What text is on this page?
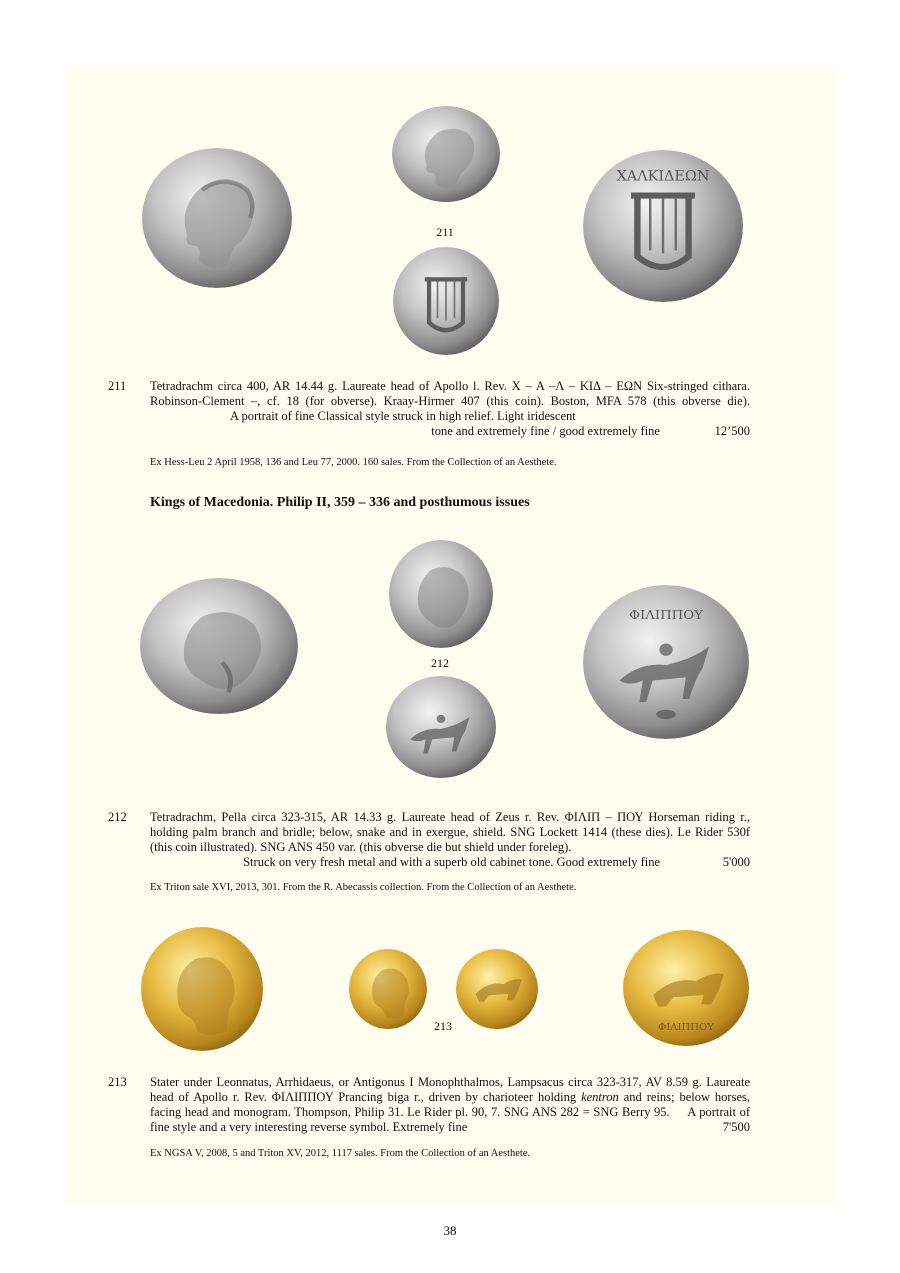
211
ΧΑΛΚΙΔΕΩΝ
211	Tetradrachm circa 400, AR 14.44 g. Laureate head of Apollo l. Rev. Χ – Α –Λ – ΚΙΔ – ΕΩΝ Six-stringed cithara. Robinson-Clement –, cf. 18 (for obverse). Kraay-Hirmer 407 (this coin). Boston, MFA 578 (this obverse die). A portrait of fine Classical style struck in high relief. Light iridescent
tone and extremely fine / good extremely fine	12’500
Ex Hess-Leu 2 April 1958, 136 and Leu 77, 2000. 160 sales. From the Collection of an Aesthete.
Kings of Macedonia. Philip II, 359 – 336 and posthumous issues
212
ΦΙΛΙΠΠΟΥ
212	Tetradrachm, Pella circa 323-315, AR 14.33 g. Laureate head of Zeus r. Rev. ΦΙΛΙΠ – ΠΟΥ Horseman riding r., holding palm branch and bridle; below, snake and in exergue, shield. SNG Lockett 1414 (these dies). Le Rider 530f (this coin illustrated). SNG ANS 450 var. (this obverse die but shield under foreleg).

Struck on very fresh metal and with a superb old cabinet tone. Good extremely fine	5'000
Ex Triton sale XVI, 2013, 301. From the R. Abecassis collection. From the Collection of an Aesthete.
213	ΦΙΛΙΠΠΟΥ
213	Stater under Leonnatus, Arrhidaeus, or Antigonus I Monophthalmos, Lampsacus circa 323-317, AV 8.59 g. Laureate head of Apollo r. Rev. ΦΙΛΙΠΠΟΥ Prancing biga r., driven by charioteer holding kentron and reins; below horses, facing head and monogram. Thompson, Philip 31. Le Rider pl. 90, 7. SNG ANS 282 = SNG Berry 95. A portrait of fine style and a very interesting reverse symbol. Extremely fine	7'500
Ex NGSA V, 2008, 5 and Triton XV, 2012, 1117 sales. From the Collection of an Aesthete.
38
